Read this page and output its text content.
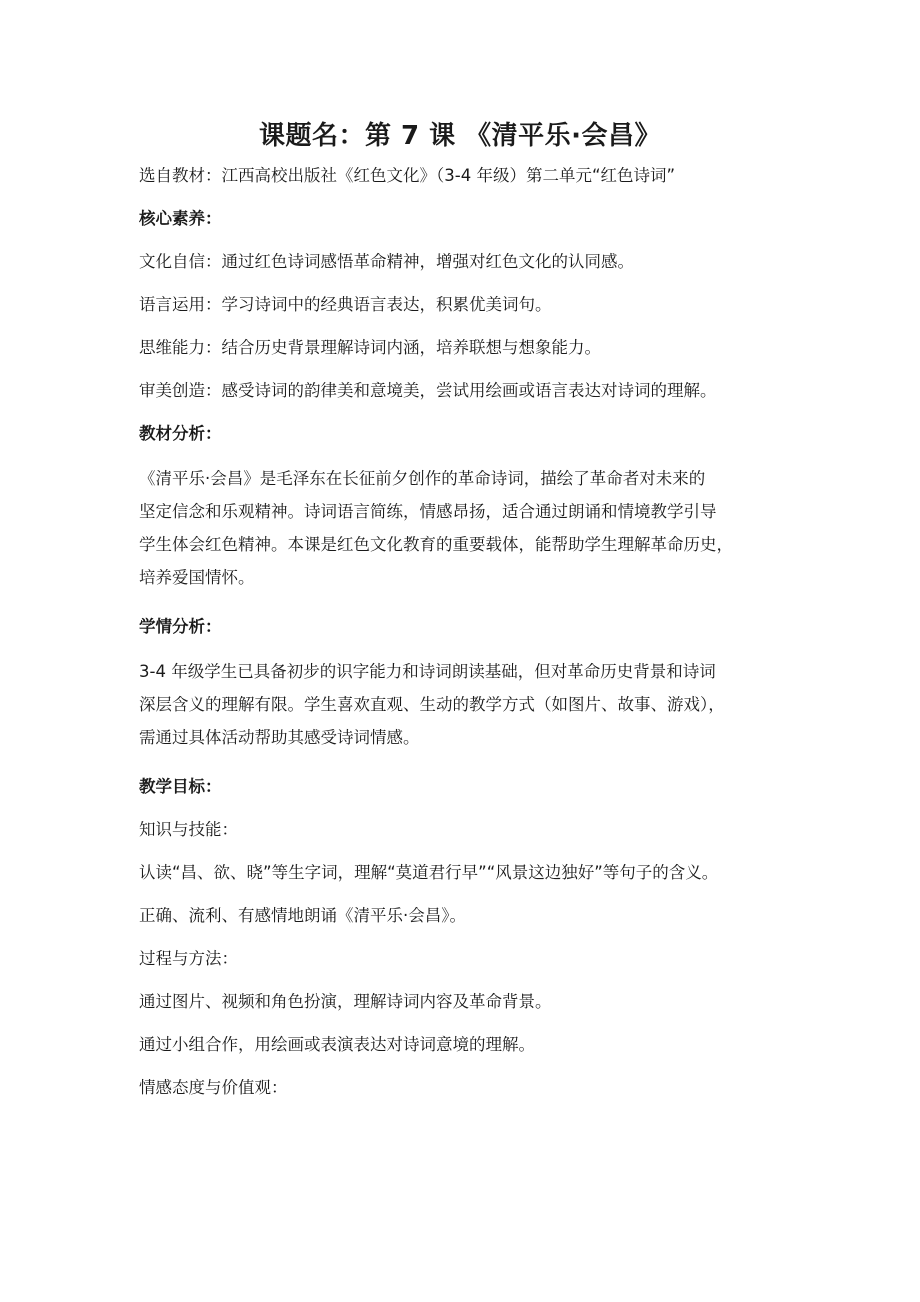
课题名：第 7 课 《清平乐·会昌》

选自教材：江西高校出版社《红色文化》（3-4 年级）第二单元“红色诗词”

核心素养：

文化自信：通过红色诗词感悟革命精神，增强对红色文化的认同感。

语言运用：学习诗词中的经典语言表达，积累优美词句。

思维能力：结合历史背景理解诗词内涵，培养联想与想象能力。

审美创造：感受诗词的韵律美和意境美，尝试用绘画或语言表达对诗词的理解。

教材分析：

《清平乐·会昌》是毛泽东在长征前夕创作的革命诗词，描绘了革命者对未来的

坚定信念和乐观精神。诗词语言简练，情感昂扬，适合通过朗诵和情境教学引导

学生体会红色精神。本课是红色文化教育的重要载体，能帮助学生理解革命历史，

培养爱国情怀。

学情分析：

3-4 年级学生已具备初步的识字能力和诗词朗读基础，但对革命历史背景和诗词

深层含义的理解有限。学生喜欢直观、生动的教学方式（如图片、故事、游戏），

需通过具体活动帮助其感受诗词情感。

教学目标：

知识与技能：

认读“昌、欲、晓”等生字词，理解“莫道君行早”“风景这边独好”等句子的含义。

正确、流利、有感情地朗诵《清平乐·会昌》。

过程与方法：

通过图片、视频和角色扮演，理解诗词内容及革命背景。

通过小组合作，用绘画或表演表达对诗词意境的理解。

情感态度与价值观：
